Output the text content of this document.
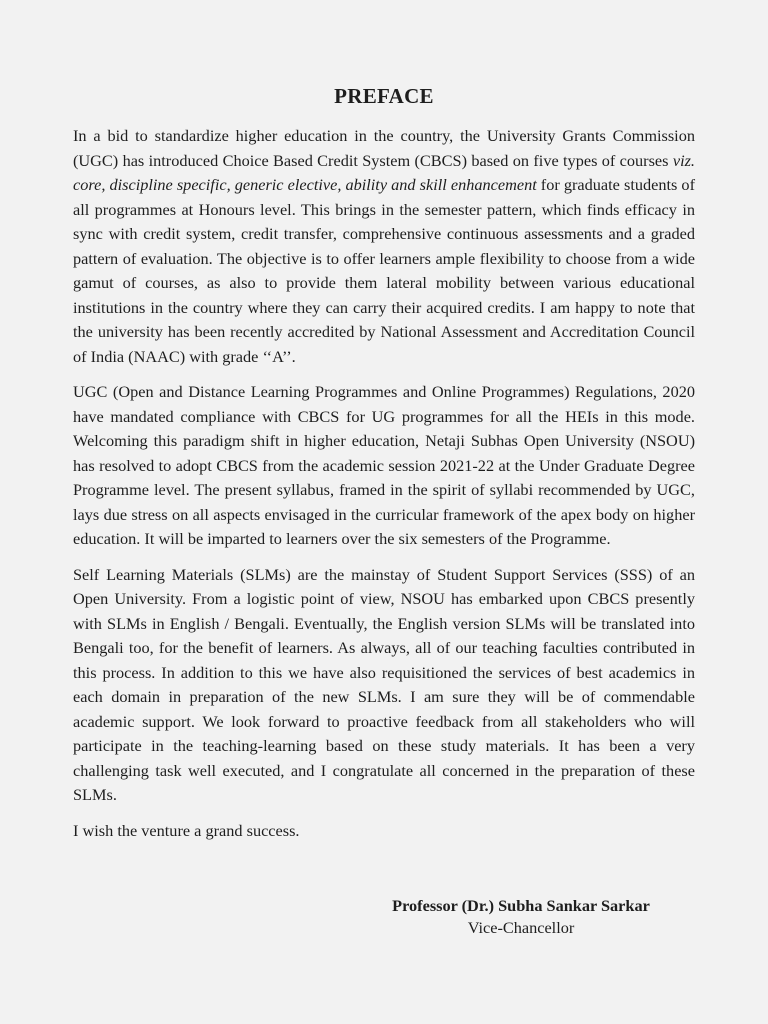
PREFACE

In a bid to standardize higher education in the country, the University Grants Commission (UGC) has introduced Choice Based Credit System (CBCS) based on five types of courses viz. core, discipline specific, generic elective, ability and skill enhancement for graduate students of all programmes at Honours level. This brings in the semester pattern, which finds efficacy in sync with credit system, credit transfer, comprehensive continuous assessments and a graded pattern of evaluation. The objective is to offer learners ample flexibility to choose from a wide gamut of courses, as also to provide them lateral mobility between various educational institutions in the country where they can carry their acquired credits. I am happy to note that the university has been recently accredited by National Assessment and Accreditation Council of India (NAAC) with grade ‘‘A’’.

UGC (Open and Distance Learning Programmes and Online Programmes) Regulations, 2020 have mandated compliance with CBCS for UG programmes for all the HEIs in this mode. Welcoming this paradigm shift in higher education, Netaji Subhas Open University (NSOU) has resolved to adopt CBCS from the academic session 2021-22 at the Under Graduate Degree Programme level. The present syllabus, framed in the spirit of syllabi recommended by UGC, lays due stress on all aspects envisaged in the curricular framework of the apex body on higher education. It will be imparted to learners over the six semesters of the Programme.

Self Learning Materials (SLMs) are the mainstay of Student Support Services (SSS) of an Open University. From a logistic point of view, NSOU has embarked upon CBCS presently with SLMs in English / Bengali. Eventually, the English version SLMs will be translated into Bengali too, for the benefit of learners. As always, all of our teaching faculties contributed in this process. In addition to this we have also requisitioned the services of best academics in each domain in preparation of the new SLMs. I am sure they will be of commendable academic support. We look forward to proactive feedback from all stakeholders who will participate in the teaching-learning based on these study materials. It has been a very challenging task well executed, and I congratulate all concerned in the preparation of these SLMs.

I wish the venture a grand success.

Professor (Dr.) Subha Sankar Sarkar
Vice-Chancellor
